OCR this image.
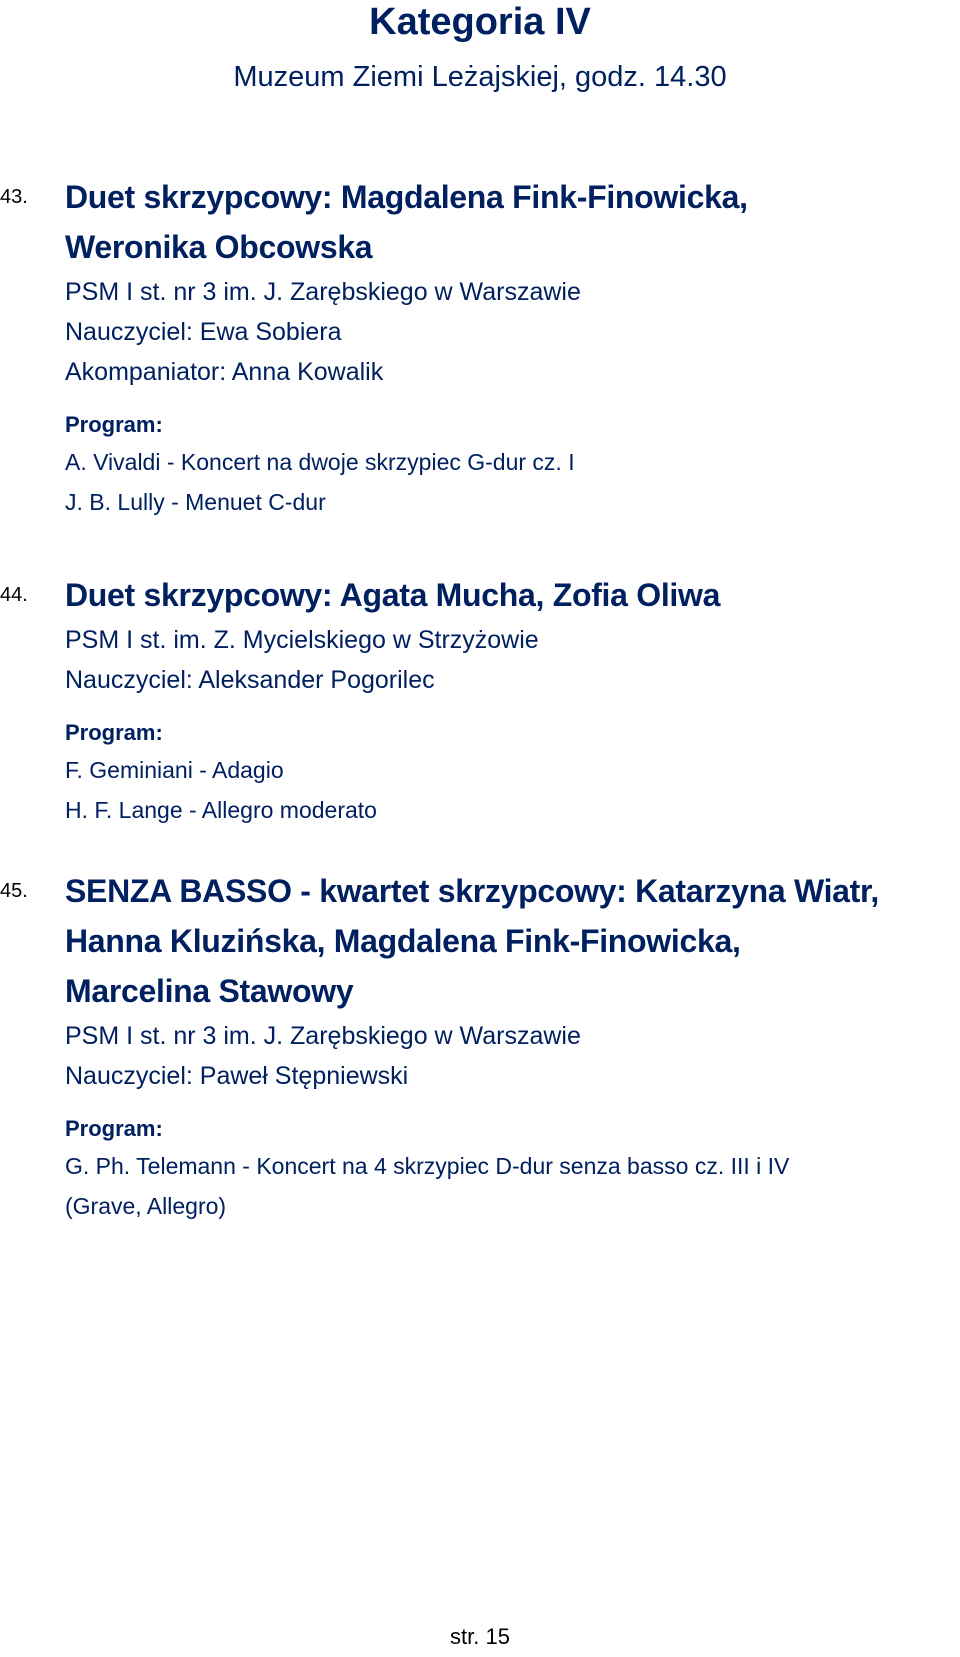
Kategoria IV
Muzeum Ziemi Leżajskiej, godz. 14.30
43. Duet skrzypcowy: Magdalena Fink-Finowicka,
Weronika Obcowska
PSM I st. nr 3 im. J. Zarębskiego w Warszawie
Nauczyciel: Ewa Sobiera
Akompaniator: Anna Kowalik
Program:
A. Vivaldi - Koncert na dwoje skrzypiec G-dur cz. I
J. B. Lully - Menuet C-dur
44. Duet skrzypcowy: Agata Mucha, Zofia Oliwa
PSM I st. im. Z. Mycielskiego w Strzyżowie
Nauczyciel: Aleksander Pogorilec
Program:
F. Geminiani - Adagio
H. F. Lange - Allegro moderato
45. SENZA BASSO - kwartet skrzypcowy: Katarzyna Wiatr,
Hanna Kluzińska, Magdalena Fink-Finowicka,
Marcelina Stawowy
PSM I st. nr 3 im. J. Zarębskiego w Warszawie
Nauczyciel: Paweł Stępniewski
Program:
G. Ph. Telemann - Koncert na 4 skrzypiec D-dur senza basso cz. III i IV
(Grave, Allegro)
str. 15
